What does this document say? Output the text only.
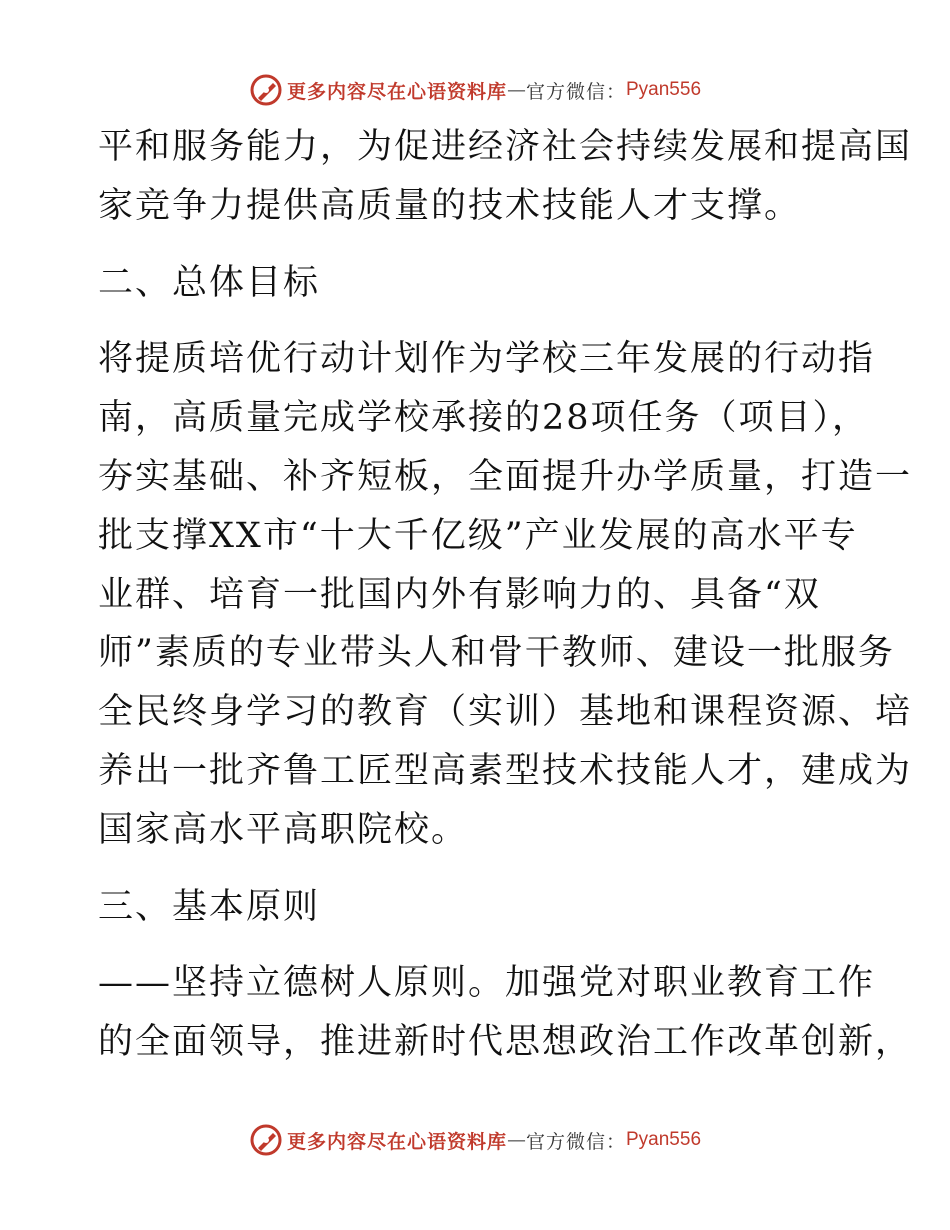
更多内容尽在心语资料库 — 官方微信： Pyan556
平和服务能力，为促进经济社会持续发展和提高国
家竞争力提供高质量的技术技能人才支撑。
二、总体目标
将提质培优行动计划作为学校三年发展的行动指
南，高质量完成学校承接的28项任务（项目），
夯实基础、补齐短板，全面提升办学质量，打造一
批支撑XX市“十大千亿级”产业发展的高水平专
业群、培育一批国内外有影响力的、具备“双
师”素质的专业带头人和骨干教师、建设一批服务
全民终身学习的教育（实训）基地和课程资源、培
养出一批齐鲁工匠型高素型技术技能人才，建成为
国家高水平高职院校。
三、基本原则
——坚持立德树人原则。加强党对职业教育工作
的全面领导，推进新时代思想政治工作改革创新，
更多内容尽在心语资料库 — 官方微信： Pyan556
